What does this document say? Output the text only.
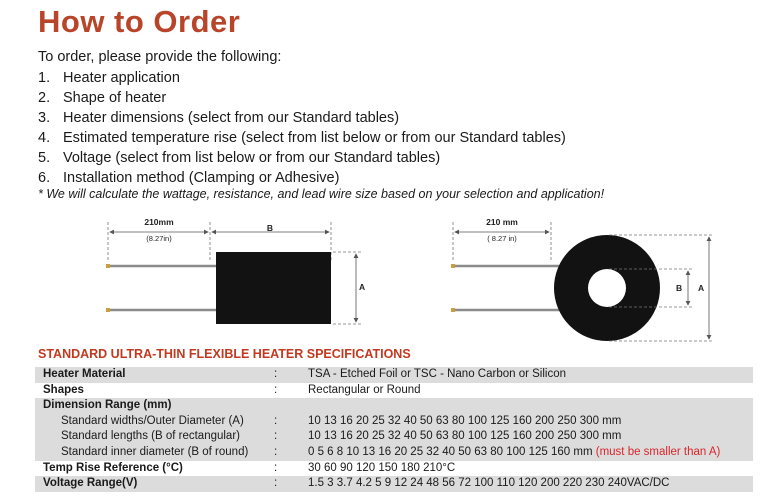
How to Order
To order, please provide the following:
1. Heater application
2. Shape of heater
3. Heater dimensions (select from our Standard tables)
4. Estimated temperature rise (select from list below or from our Standard tables)
5. Voltage (select from list below or from our Standard tables)
6. Installation method (Clamping or Adhesive)
* We will calculate the wattage, resistance, and lead wire size based on your selection and application!
210mm
(8.27in)
B
A
210 mm
( 8.27 in)
B A
STANDARD ULTRA-THIN FLEXIBLE HEATER SPECIFICATIONS
Heater Material	:	TSA - Etched Foil or TSC - Nano Carbon or Silicon
Shapes	:	Rectangular or Round
Dimension Range (mm)		
Standard widths/Outer Diameter (A)	:	10 13 16 20 25 32 40 50 63 80 100 125 160 200 250 300 mm
Standard lengths (B of rectangular)	:	10 13 16 20 25 32 40 50 63 80 100 125 160 200 250 300 mm
Standard inner diameter (B of round)	:	0 5 6 8 10 13 16 20 25 32 40 50 63 80 100 125 160 mm (must be smaller than A)
Temp Rise Reference (°C)	:	30 60 90 120 150 180 210°C
Voltage Range(V)	:	1.5 3 3.7 4.2 5 9 12 24 48 56 72 100 110 120 200 220 230 240VAC/DC
